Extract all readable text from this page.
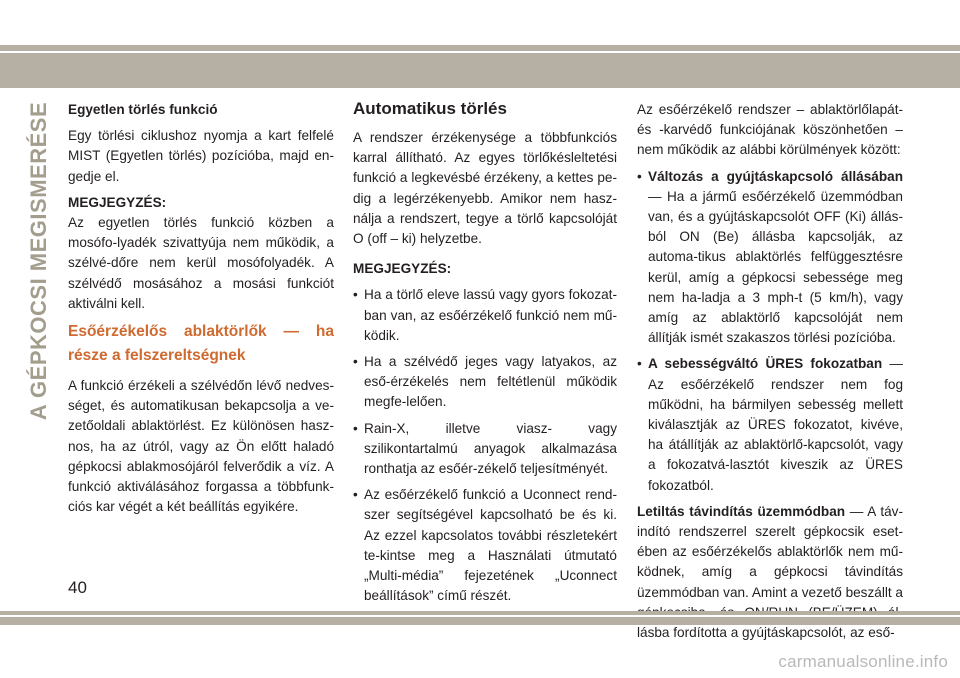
A GÉPKOCSI MEGISMERÉSE Egyetlen törlés funkció

Egy törlési ciklushoz nyomja a kart felfelé MIST (Egyetlen törlés) pozícióba, majd en-gedje el.

MEGJEGYZÉS:

Az egyetlen törlés funkció közben a mosófo-lyadék szivattyúja nem működik, a szélvé-dőre nem kerül mosófolyadék. A szélvédő mosásához a mosási funkciót aktiválni kell.

Esőérzékelős ablaktörlők — ha része a felszereltségnek

A funkció érzékeli a szélvédőn lévő nedves-séget, és automatikusan bekapcsolja a ve-zetőoldali ablaktörlést. Ez különösen hasz-nos, ha az útról, vagy az Ön előtt haladó gépkocsi ablakmosójáról felverődik a víz. A funkció aktiválásához forgassa a többfunk-ciós kar végét a két beállítás egyikére.

Automatikus törlés

A rendszer érzékenysége a többfunkciós karral állítható. Az egyes törlőkésleltetési funkció a legkevésbé érzékeny, a kettes pe-dig a legérzékenyebb. Amikor nem hasz-nálja a rendszert, tegye a törlő kapcsolóját O (off – ki) helyzetbe.

MEGJEGYZÉS:

• Ha a törlő eleve lassú vagy gyors fokozat-ban van, az esőérzékelő funkció nem mű-ködik.
• Ha a szélvédő jeges vagy latyakos, az eső-érzékelés nem feltétlenül működik megfe-lelően.
• Rain-X, illetve viasz- vagy szilikontartalmú anyagok alkalmazása ronthatja az esőér-zékelő teljesítményét.
• Az esőérzékelő funkció a Uconnect rend-szer segítségével kapcsolható be és ki. Az ezzel kapcsolatos további részletekért te-kintse meg a Használati útmutató „Multi-média” fejezetének „Uconnect beállítások” című részét.

Az esőérzékelő rendszer – ablaktörlőlapát- és -karvédő funkciójának köszönhetően – nem működik az alábbi körülmények között:

• Változás a gyújtáskapcsoló állásában — Ha a jármű esőérzékelő üzemmódban van, és a gyújtáskapcsolót OFF (Ki) állás-ból ON (Be) állásba kapcsolják, az automa-tikus ablaktörlés felfüggesztésre kerül, amíg a gépkocsi sebessége meg nem ha-ladja a 3 mph-t (5 km/h), vagy amíg az ablaktörlő kapcsolóját nem állítják ismét szakaszos törlési pozícióba.
• A sebességváltó ÜRES fokozatban — Az esőérzékelő rendszer nem fog működni, ha bármilyen sebesség mellett kiválasztják az ÜRES fokozatot, kivéve, ha átállítják az ablaktörlő-kapcsolót, vagy a fokozatvá-lasztót kiveszik az ÜRES fokozatból.

Letiltás távindítás üzemmódban — A táv-indító rendszerrel szerelt gépkocsik eset-ében az esőérzékelős ablaktörlők nem mű-ködnek, amíg a gépkocsi távindítás üzemmódban van. Amint a vezető beszállt a lásba fordította a gyújtáskapcsolót, az eső-

40
carmanualsonline.info
